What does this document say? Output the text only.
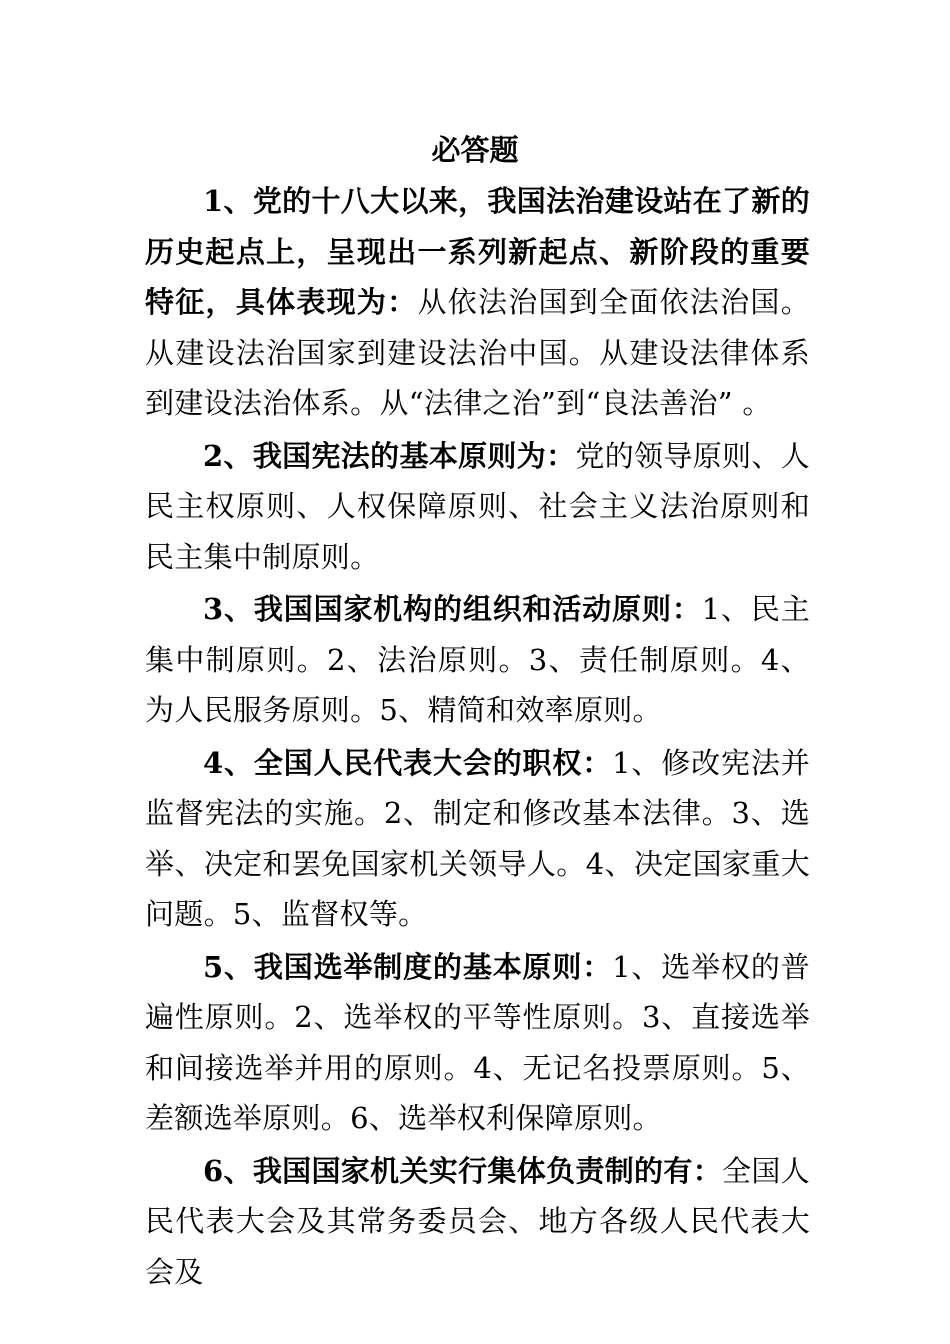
必答题

1、党的十八大以来，我国法治建设站在了新的历史起点上，呈现出一系列新起点、新阶段的重要特征，具体表现为：从依法治国到全面依法治国。从建设法治国家到建设法治中国。从建设法律体系到建设法治体系。从“法律之治”到“良法善治” 。

2、我国宪法的基本原则为：党的领导原则、人民主权原则、人权保障原则、社会主义法治原则和民主集中制原则。

3、我国国家机构的组织和活动原则：1、民主集中制原则。2、法治原则。3、责任制原则。4、为人民服务原则。5、精简和效率原则。

4、全国人民代表大会的职权：1、修改宪法并监督宪法的实施。2、制定和修改基本法律。3、选举、决定和罢免国家机关领导人。4、决定国家重大问题。5、监督权等。

5、我国选举制度的基本原则：1、选举权的普遍性原则。2、选举权的平等性原则。3、直接选举和间接选举并用的原则。4、无记名投票原则。5、差额选举原则。6、选举权利保障原则。

6、我国国家机关实行集体负责制的有：全国人民代表大会及其常务委员会、地方各级人民代表大会及
